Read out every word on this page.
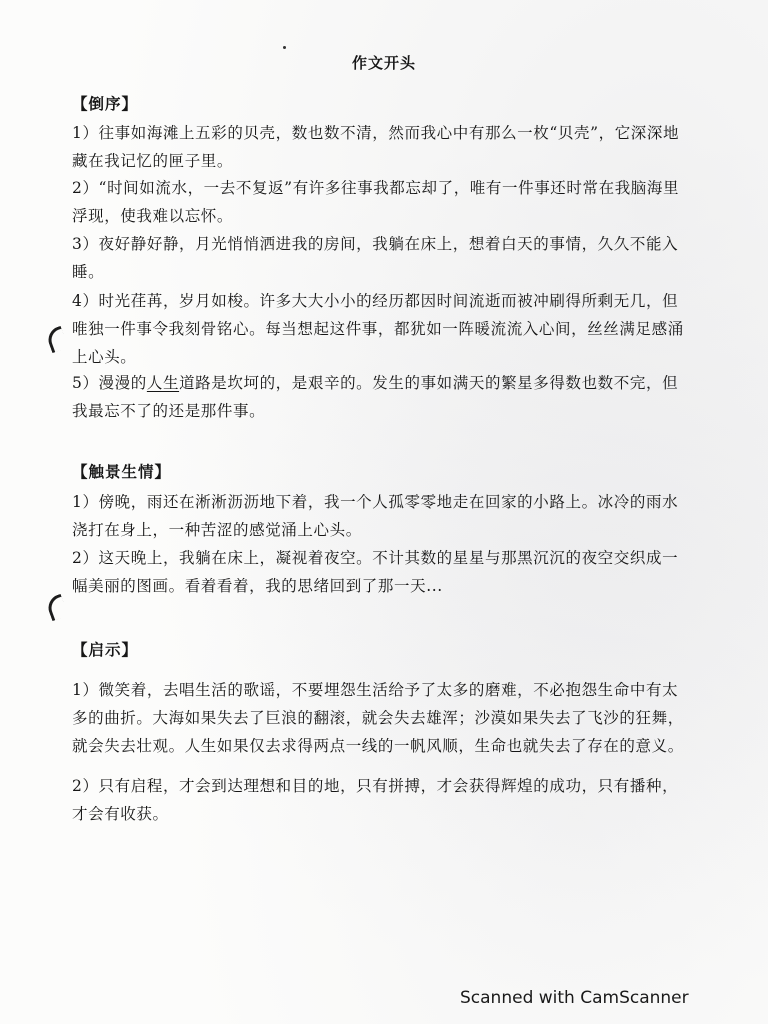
作文开头
【倒序】
1）往事如海滩上五彩的贝壳，数也数不清，然而我心中有那么一枚“贝壳”，它深深地藏在我记忆的匣子里。
2）“时间如流水，一去不复返”有许多往事我都忘却了，唯有一件事还时常在我脑海里浮现，使我难以忘怀。
3）夜好静好静，月光悄悄洒进我的房间，我躺在床上，想着白天的事情，久久不能入睡。
4）时光荏苒，岁月如梭。许多大大小小的经历都因时间流逝而被冲刷得所剩无几，但唯独一件事令我刻骨铭心。每当想起这件事，都犹如一阵暖流流入心间，丝丝满足感涌上心头。
5）漫漫的人生道路是坎坷的，是艰辛的。发生的事如满天的繁星多得数也数不完，但我最忘不了的还是那件事。
【触景生情】
1）傍晚，雨还在淅淅沥沥地下着，我一个人孤零零地走在回家的小路上。冰冷的雨水浇打在身上，一种苦涩的感觉涌上心头。
2）这天晚上，我躺在床上，凝视着夜空。不计其数的星星与那黑沉沉的夜空交织成一幅美丽的图画。看着看着，我的思绪回到了那一天...
【启示】
1）微笑着，去唱生活的歌谣，不要埋怨生活给予了太多的磨难，不必抱怨生命中有太多的曲折。大海如果失去了巨浪的翻滚，就会失去雄浑；沙漠如果失去了飞沙的狂舞，就会失去壮观。人生如果仅去求得两点一线的一帆风顺，生命也就失去了存在的意义。
2）只有启程，才会到达理想和目的地，只有拼搏，才会获得辉煌的成功，只有播种，才会有收获。
Scanned with CamScanner
